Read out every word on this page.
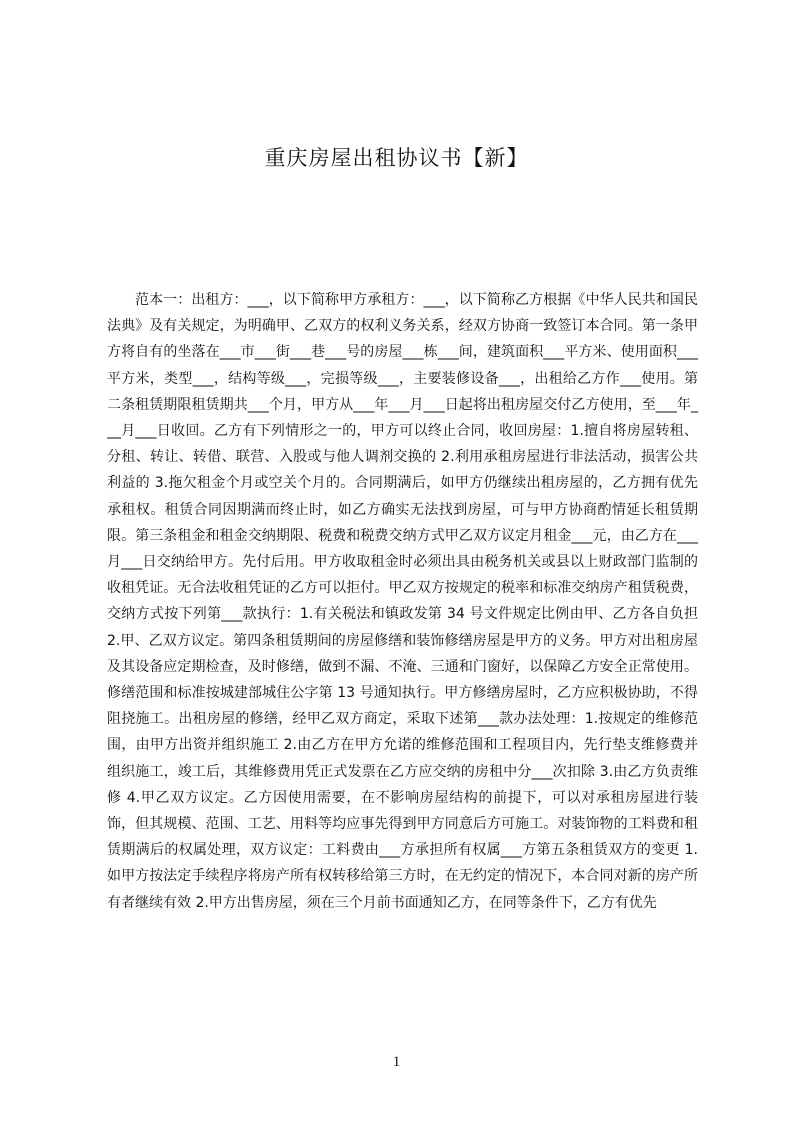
重庆房屋出租协议书【新】

范本一：出租方：___，以下简称甲方承租方：___，以下简称乙方根据《中华人民共和国民法典》及有关规定，为明确甲、乙双方的权利义务关系，经双方协商一致签订本合同。第一条甲方将自有的坐落在___市___街___巷___号的房屋___栋___间，建筑面积___平方米、使用面积___平方米，类型___，结构等级___，完损等级___，主要装修设备___，出租给乙方作___使用。第二条租赁期限租赁期共___个月，甲方从___年___月___日起将出租房屋交付乙方使用，至___年___月___日收回。乙方有下列情形之一的，甲方可以终止合同，收回房屋：1.擅自将房屋转租、分租、转让、转借、联营、入股或与他人调剂交换的 2.利用承租房屋进行非法活动，损害公共利益的 3.拖欠租金个月或空关个月的。合同期满后，如甲方仍继续出租房屋的，乙方拥有优先承租权。租赁合同因期满而终止时，如乙方确实无法找到房屋，可与甲方协商酌情延长租赁期限。第三条租金和租金交纳期限、税费和税费交纳方式甲乙双方议定月租金___元，由乙方在___月___日交纳给甲方。先付后用。甲方收取租金时必须出具由税务机关或县以上财政部门监制的收租凭证。无合法收租凭证的乙方可以拒付。甲乙双方按规定的税率和标准交纳房产租赁税费，交纳方式按下列第___款执行：1.有关税法和镇政发第 34 号文件规定比例由甲、乙方各自负担 2.甲、乙双方议定。第四条租赁期间的房屋修缮和装饰修缮房屋是甲方的义务。甲方对出租房屋及其设备应定期检查，及时修缮，做到不漏、不淹、三通和门窗好，以保障乙方安全正常使用。修缮范围和标准按城建部城住公字第 13 号通知执行。甲方修缮房屋时，乙方应积极协助，不得阻挠施工。出租房屋的修缮，经甲乙双方商定，采取下述第___款办法处理：1.按规定的维修范围，由甲方出资并组织施工 2.由乙方在甲方允诺的维修范围和工程项目内，先行垫支维修费并组织施工，竣工后，其维修费用凭正式发票在乙方应交纳的房租中分___次扣除 3.由乙方负责维修 4.甲乙双方议定。乙方因使用需要，在不影响房屋结构的前提下，可以对承租房屋进行装饰，但其规模、范围、工艺、用料等均应事先得到甲方同意后方可施工。对装饰物的工料费和租赁期满后的权属处理，双方议定：工料费由___方承担所有权属___方第五条租赁双方的变更 1.如甲方按法定手续程序将房产所有权转移给第三方时，在无约定的情况下，本合同对新的房产所有者继续有效 2.甲方出售房屋，须在三个月前书面通知乙方，在同等条件下，乙方有优先

1
